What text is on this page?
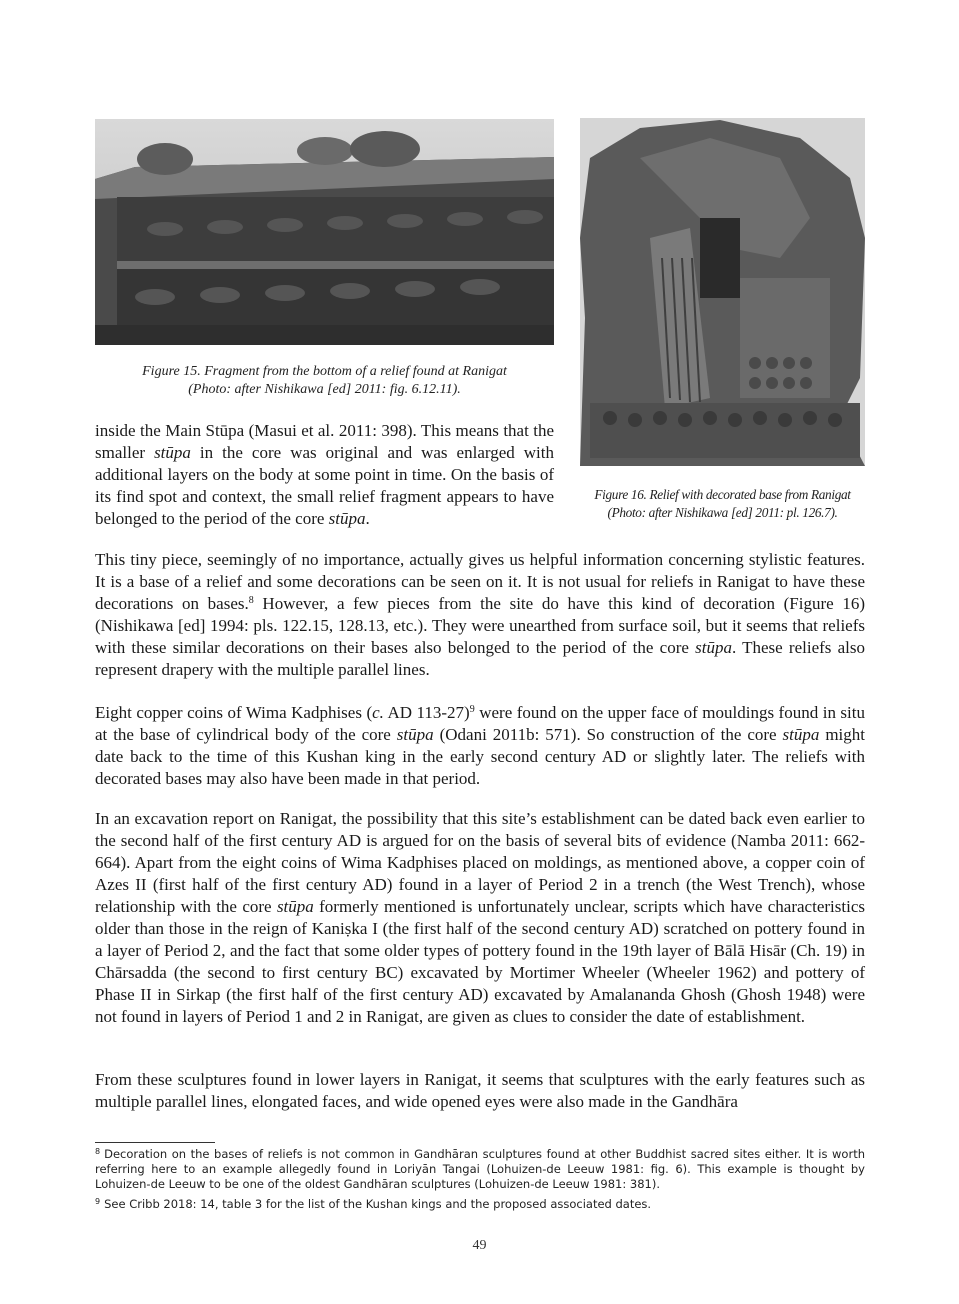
Figure 15. Fragment from the bottom of a relief found at Ranigat
(Photo: after Nishikawa [ed] 2011: fig. 6.12.11).
Figure 16. Relief with decorated base from Ranigat
(Photo: after Nishikawa [ed] 2011: pl. 126.7).

inside the Main Stūpa (Masui et al. 2011: 398). This means that the smaller stūpa in the core was original and was enlarged with additional layers on the body at some point in time. On the basis of its find spot and context, the small relief fragment appears to have belonged to the period of the core stūpa.

This tiny piece, seemingly of no importance, actually gives us helpful information concerning stylistic features. It is a base of a relief and some decorations can be seen on it. It is not usual for reliefs in Ranigat to have these decorations on bases.$^8$ However, a few pieces from the site do have this kind of decoration (Figure 16) (Nishikawa [ed] 1994: pls. 122.15, 128.13, etc.). They were unearthed from surface soil, but it seems that reliefs with these similar decorations on their bases also belonged to the period of the core stūpa. These reliefs also represent drapery with the multiple parallel lines.

Eight copper coins of Wima Kadphises (c. AD 113-27)$^9$ were found on the upper face of mouldings found in situ at the base of cylindrical body of the core stūpa (Odani 2011b: 571). So construction of the core stūpa might date back to the time of this Kushan king in the early second century AD or slightly later. The reliefs with decorated bases may also have been made in that period.

In an excavation report on Ranigat, the possibility that this site’s establishment can be dated back even earlier to the second half of the first century AD is argued for on the basis of several bits of evidence (Namba 2011: 662-664). Apart from the eight coins of Wima Kadphises placed on moldings, as mentioned above, a copper coin of Azes II (first half of the first century AD) found in a layer of Period 2 in a trench (the West Trench), whose relationship with the core stūpa formerly mentioned is unfortunately unclear, scripts which have characteristics older than those in the reign of Kaniṣka I (the first half of the second century AD) scratched on pottery found in a layer of Period 2, and the fact that some older types of pottery found in the 19th layer of Bālā Hisār (Ch. 19) in Chārsadda (the second to first century BC) excavated by Mortimer Wheeler (Wheeler 1962) and pottery of Phase II in Sirkap (the first half of the first century AD) excavated by Amalananda Ghosh (Ghosh 1948) were not found in layers of Period 1 and 2 in Ranigat, are given as clues to consider the date of establishment.

From these sculptures found in lower layers in Ranigat, it seems that sculptures with the early features such as multiple parallel lines, elongated faces, and wide opened eyes were also made in the Gandhāra

$^8$ Decoration on the bases of reliefs is not common in Gandhāran sculptures found at other Buddhist sacred sites either. It is worth referring here to an example allegedly found in Loriyān Tangai (Lohuizen-de Leeuw 1981: fig. 6). This example is thought by Lohuizen-de Leeuw to be one of the oldest Gandhāran sculptures (Lohuizen-de Leeuw 1981: 381).

$^9$ See Cribb 2018: 14, table 3 for the list of the Kushan kings and the proposed associated dates.

49
